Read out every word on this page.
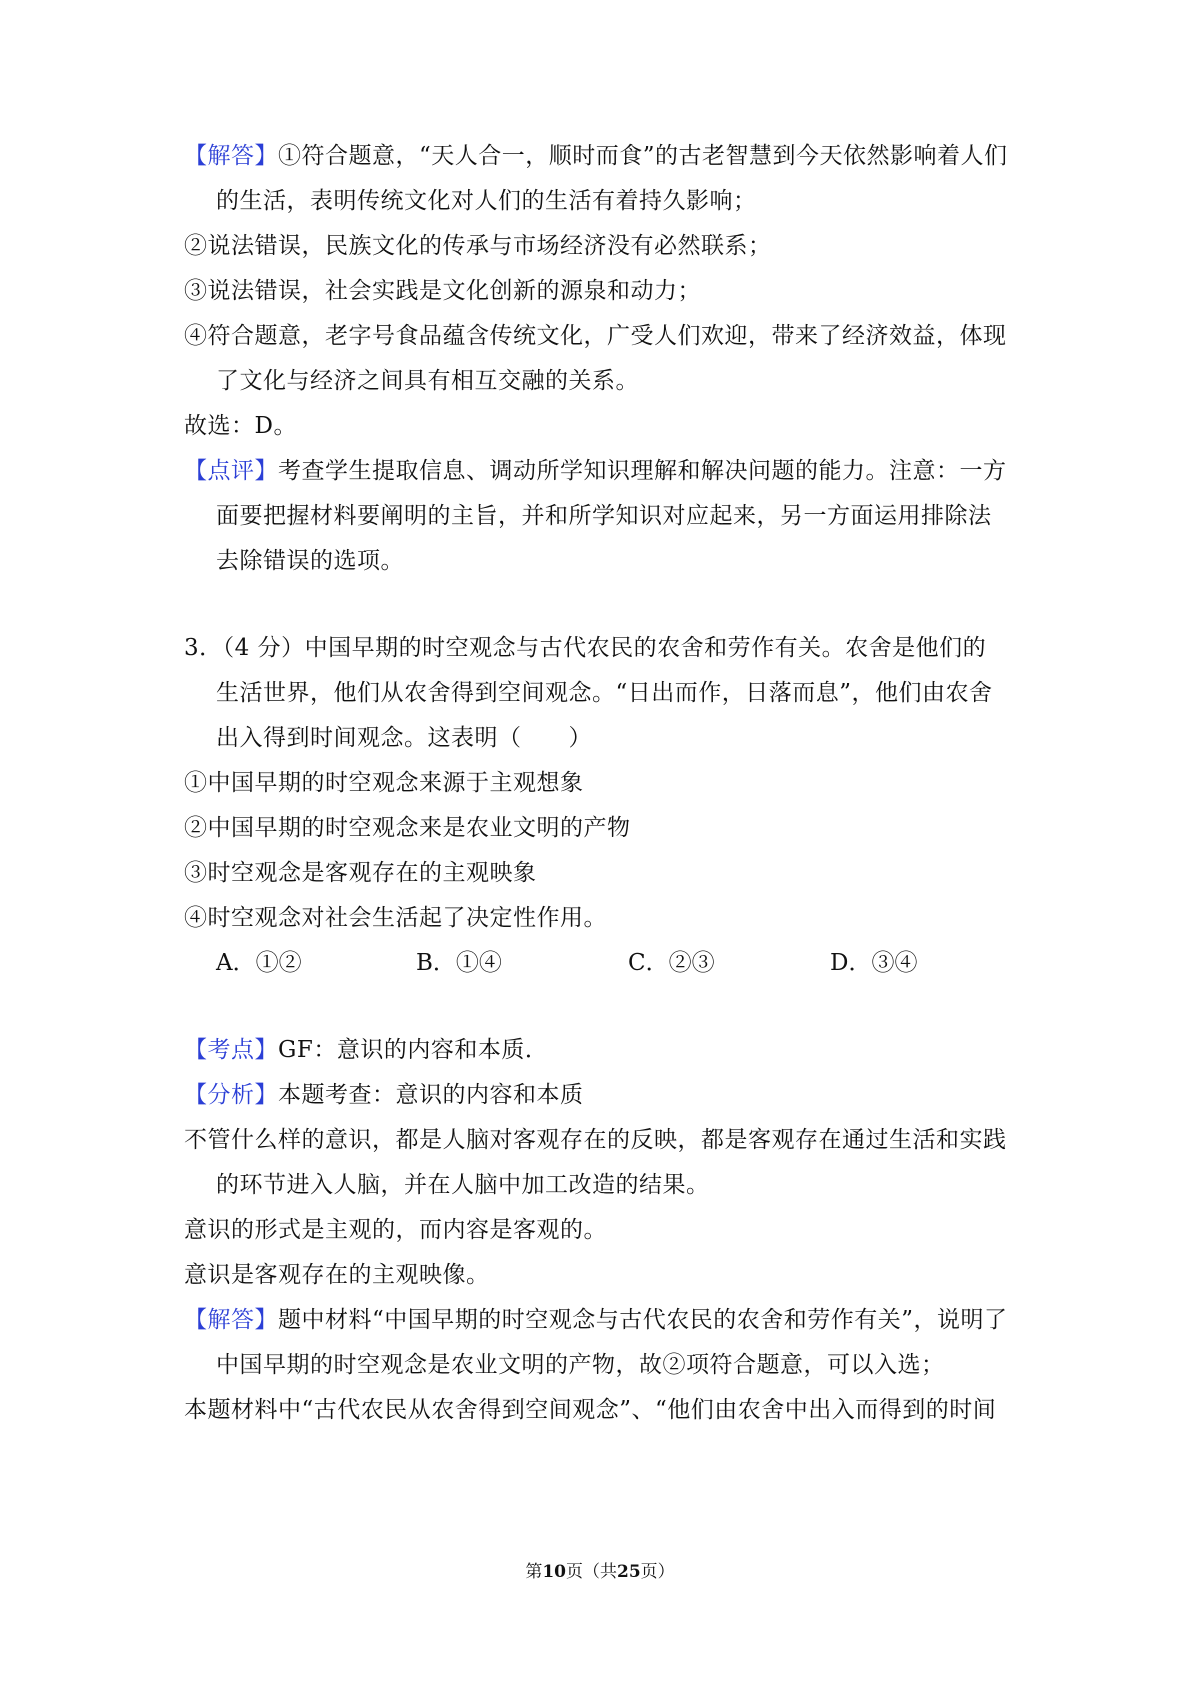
【解答】①符合题意，“天人合一，顺时而食”的古老智慧到今天依然影响着人们
的生活，表明传统文化对人们的生活有着持久影响；
②说法错误，民族文化的传承与市场经济没有必然联系；
③说法错误，社会实践是文化创新的源泉和动力；
④符合题意，老字号食品蕴含传统文化，广受人们欢迎，带来了经济效益，体现
了文化与经济之间具有相互交融的关系。
故选：D。
【点评】考查学生提取信息、调动所学知识理解和解决问题的能力。注意：一方
面要把握材料要阐明的主旨，并和所学知识对应起来，另一方面运用排除法
去除错误的选项。
3．（4 分）中国早期的时空观念与古代农民的农舍和劳作有关。农舍是他们的
生活世界，他们从农舍得到空间观念。“日出而作，日落而息”，他们由农舍
出入得到时间观念。这表明（　　）
①中国早期的时空观念来源于主观想象
②中国早期的时空观念来是农业文明的产物
③时空观念是客观存在的主观映象
④时空观念对社会生活起了决定性作用。
A．①②	B．①④	C．②③	D．③④
【考点】GF：意识的内容和本质．
【分析】本题考查：意识的内容和本质
不管什么样的意识，都是人脑对客观存在的反映，都是客观存在通过生活和实践
的环节进入人脑，并在人脑中加工改造的结果。
意识的形式是主观的，而内容是客观的。
意识是客观存在的主观映像。
【解答】题中材料“中国早期的时空观念与古代农民的农舍和劳作有关”，说明了
中国早期的时空观念是农业文明的产物，故②项符合题意，可以入选；
本题材料中“古代农民从农舍得到空间观念”、“他们由农舍中出入而得到的时间
第10页（共25页）
